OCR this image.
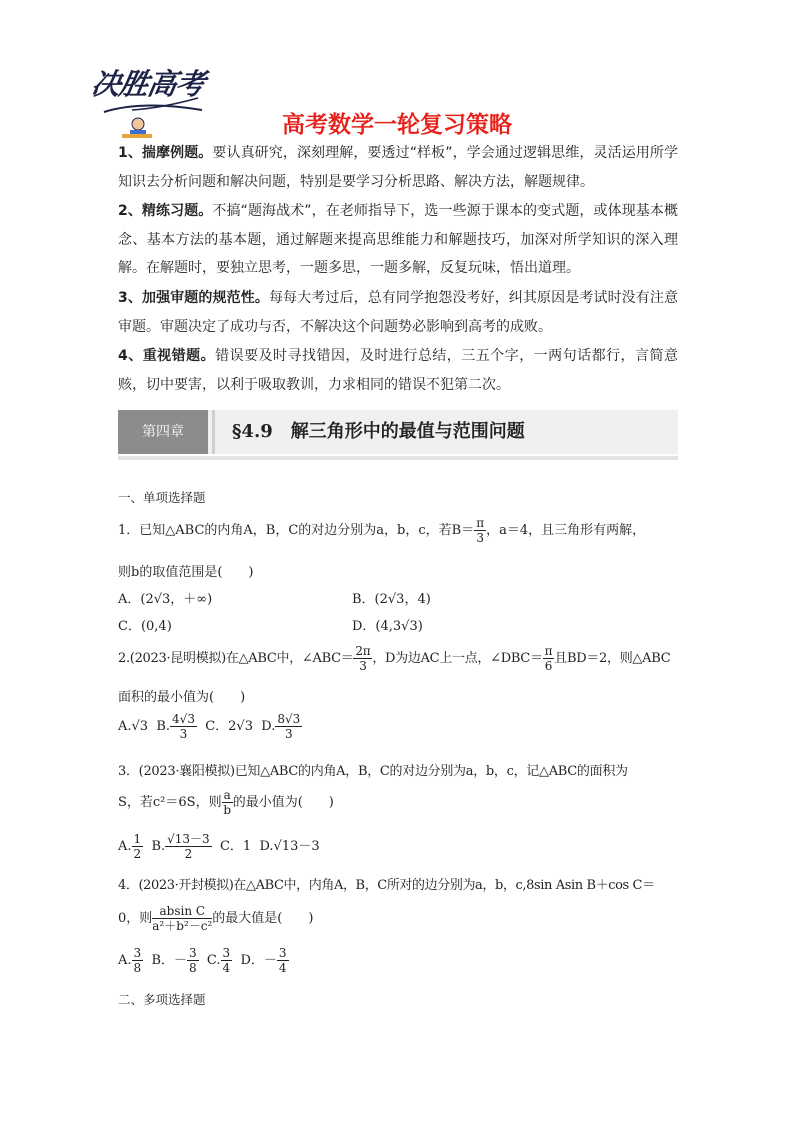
决胜高考
高考数学一轮复习策略
1、揣摩例题。要认真研究，深刻理解，要透过“样板”，学会通过逻辑思维，灵活运用所学知识去分析问题和解决问题，特别是要学习分析思路、解决方法，解题规律。
2、精练习题。不搞“题海战术”，在老师指导下，选一些源于课本的变式题，或体现基本概念、基本方法的基本题，通过解题来提高思维能力和解题技巧，加深对所学知识的深入理解。在解题时，要独立思考，一题多思，一题多解，反复玩味，悟出道理。
3、加强审题的规范性。每每大考过后，总有同学抱怨没考好，纠其原因是考试时没有注意审题。审题决定了成功与否，不解决这个问题势必影响到高考的成败。
4、重视错题。错误要及时寻找错因，及时进行总结，三五个字，一两句话都行，言简意赅，切中要害，以利于吸取教训，力求相同的错误不犯第二次。
第四章	§4.9　解三角形中的最值与范围问题
一、单项选择题
1．已知△ABC的内角A，B，C的对边分别为a，b，c，若$B= \frac{\pi}{3}$ ，a＝4，且三角形有两解，
则b的取值范围是(　　)
A．(2√3，＋∞)	B．(2√3，4)
C．(0,4)	D．(4,3√3)
2.(2023·昆明模拟)在△ABC中，∠ABC＝ $\frac{2\pi}{3}$ ，D为边AC上一点，∠DBC＝ $\frac{\pi}{6}$ 且BD＝2，则△ABC
面积的最小值为(　　)
A.√3 B. $\frac{4√3}{3}$ C．2√3 D. $\frac{8√3}{3}$
3．(2023·襄阳模拟)已知△ABC的内角A，B，C的对边分别为a，b，c，记△ABC的面积为
S，若c²＝6S，则 $\frac{a}{b}$ 的最小值为(　　)
A. $\frac{1}{2} B$. $\frac{√13-3}{2}$ C．1 D.√13－3
4．(2023·开封模拟)在△ABC中，内角A，B，C所对的边分别为a，b，c,8sin Asin B＋cos C＝
0，则 $\frac{\text{absin C}}{\text{a²＋b²－c²}}$ 的最大值是(　　)
A. $\frac{3}{8}$ B．－ $\frac{3}{8} C$. $\frac{3}{4}$ D．－ $\frac{3}{4}$
二、多项选择题
